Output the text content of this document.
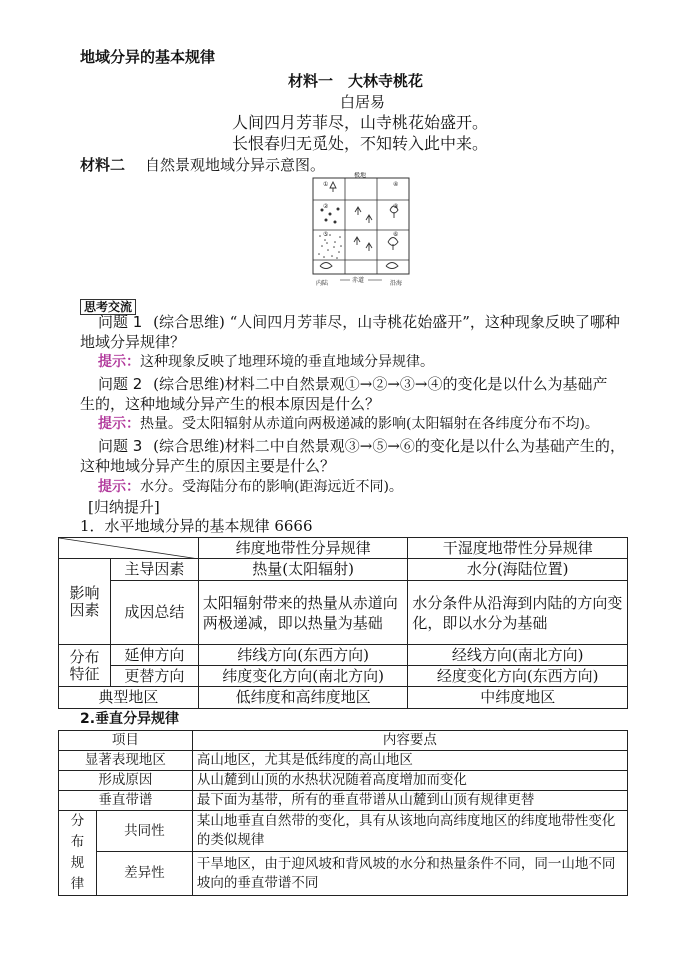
地域分异的基本规律
材料一　大林寺桃花
白居易
人间四月芳菲尽，山寺桃花始盛开。
长恨春归无觅处，不知转入此中来。
材料二 自然景观地域分异示意图。
①
②
⑤
④
③
⑥
极地
内陆	赤道	沿海
思考交流
问题 1 (综合思维) “人间四月芳菲尽，山寺桃花始盛开”，这种现象反映了哪种
地域分异规律？
提示：这种现象反映了地理环境的垂直地域分异规律。
问题 2 (综合思维)材料二中自然景观①→②→③→④的变化是以什么为基础产
生的，这种地域分异产生的根本原因是什么？
提示：热量。受太阳辐射从赤道向两极递减的影响(太阳辐射在各纬度分布不均)。
问题 3 (综合思维)材料二中自然景观③→⑤→⑥的变化是以什么为基础产生的，
这种地域分异产生的原因主要是什么？
提示：水分。受海陆分布的影响(距海远近不同)。
[归纳提升]
1．水平地域分异的基本规律 6666
	纬度地带性分异规律	干湿度地带性分异规律
影响因素	主导因素	热量(太阳辐射)	水分(海陆位置)
	成因总结	太阳辐射带来的热量从赤道向两极递减，即以热量为基础	水分条件从沿海到内陆的方向变化，即以水分为基础
分布特征	延伸方向	纬线方向(东西方向)	经线方向(南北方向)
	更替方向	纬度变化方向(南北方向)	经度变化方向(东西方向)
典型地区		低纬度和高纬度地区	中纬度地区
2.垂直分异规律
项目		内容要点
显著表现地区		高山地区，尤其是低纬度的高山地区
形成原因		从山麓到山顶的水热状况随着高度增加而变化
垂直带谱		最下面为基带，所有的垂直带谱从山麓到山顶有规律更替
分布规律	共同性	某山地垂直自然带的变化，具有从该地向高纬度地区的纬度地带性变化的类似规律
	差异性	干旱地区，由于迎风坡和背风坡的水分和热量条件不同，同一山地不同坡向的垂直带谱不同
